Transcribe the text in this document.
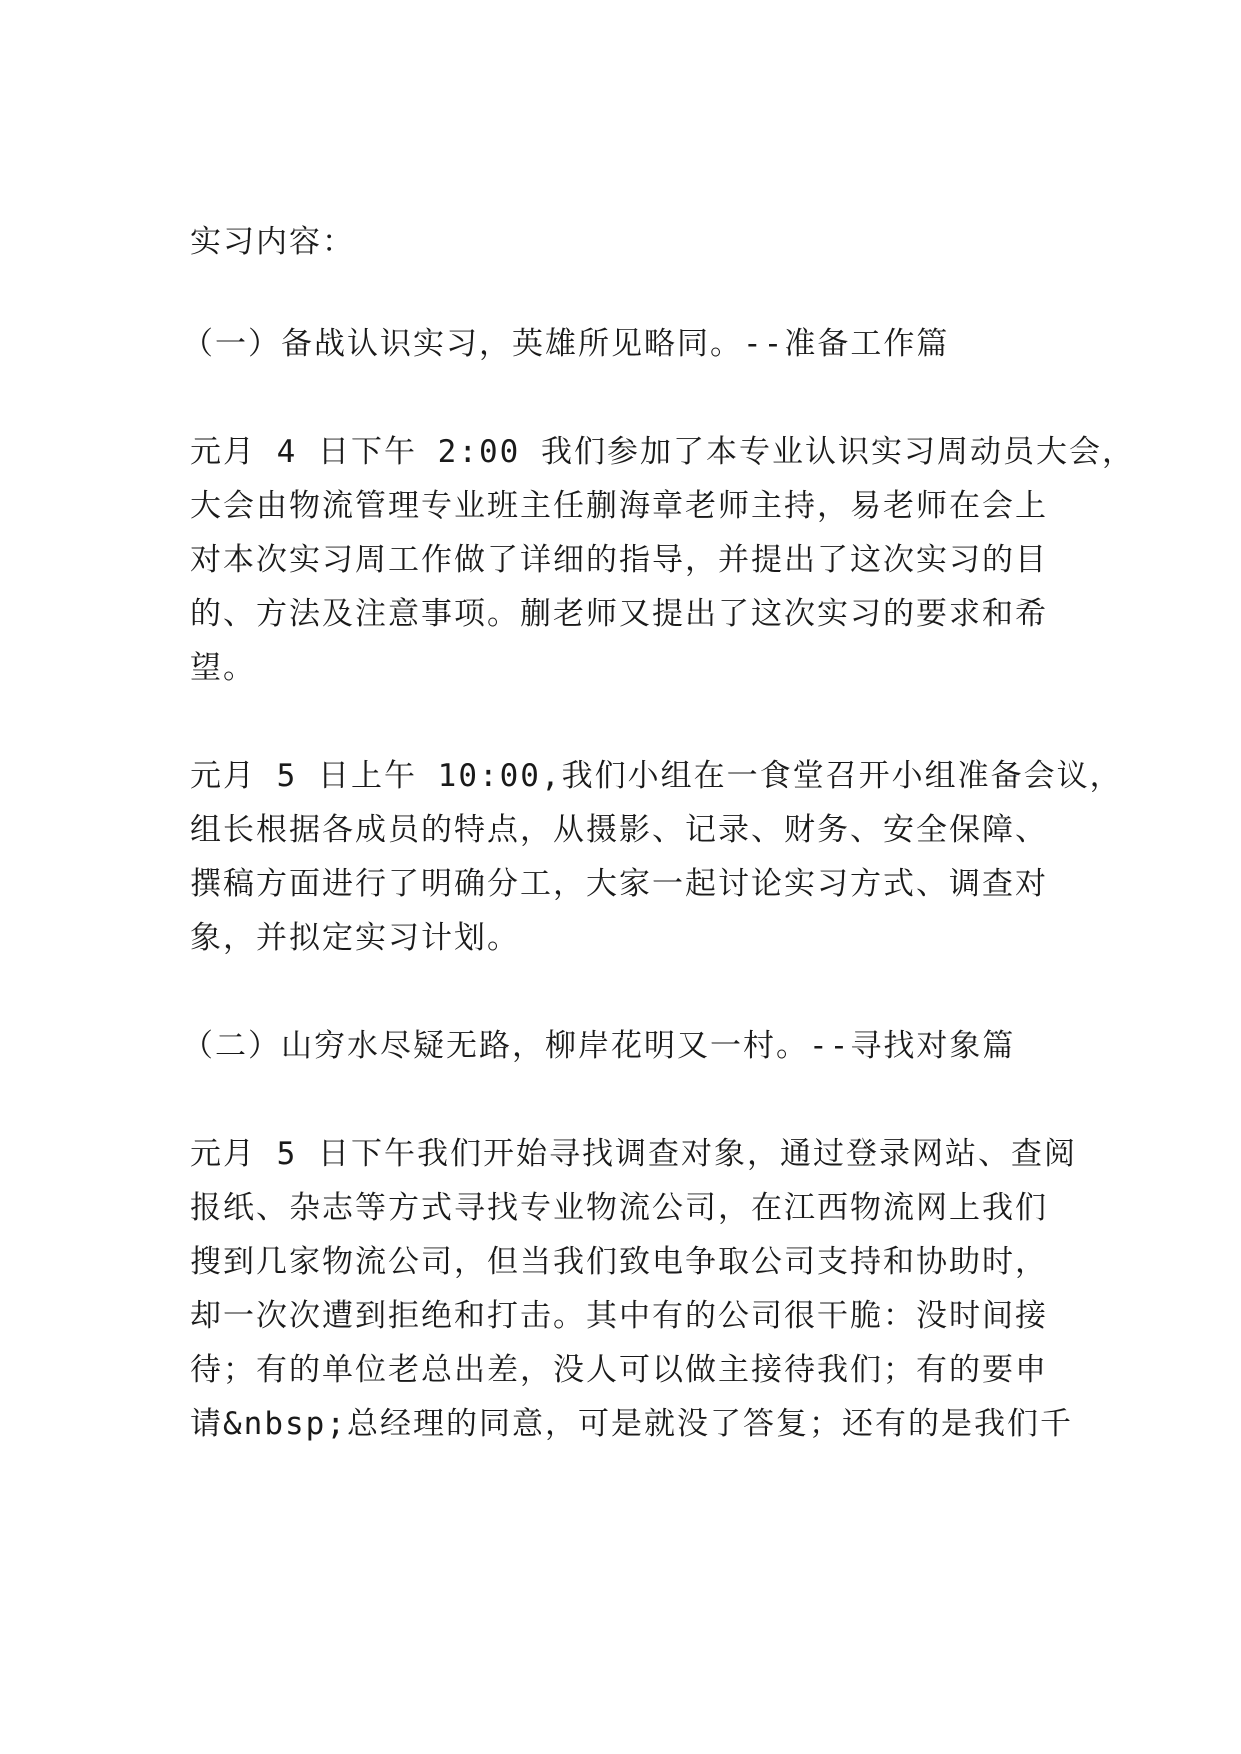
实习内容：
（一）备战认识实习，英雄所见略同。--准备工作篇
元月 4 日下午 2:00 我们参加了本专业认识实习周动员大会，
大会由物流管理专业班主任蒯海章老师主持，易老师在会上
对本次实习周工作做了详细的指导，并提出了这次实习的目
的、方法及注意事项。蒯老师又提出了这次实习的要求和希
望。
元月 5 日上午 10:00,我们小组在一食堂召开小组准备会议，
组长根据各成员的特点，从摄影、记录、财务、安全保障、
撰稿方面进行了明确分工，大家一起讨论实习方式、调查对
象，并拟定实习计划。
（二）山穷水尽疑无路，柳岸花明又一村。--寻找对象篇
元月 5 日下午我们开始寻找调查对象，通过登录网站、查阅
报纸、杂志等方式寻找专业物流公司，在江西物流网上我们
搜到几家物流公司，但当我们致电争取公司支持和协助时，
却一次次遭到拒绝和打击。其中有的公司很干脆：没时间接
待；有的单位老总出差，没人可以做主接待我们；有的要申
请&nbsp;总经理的同意，可是就没了答复；还有的是我们千
